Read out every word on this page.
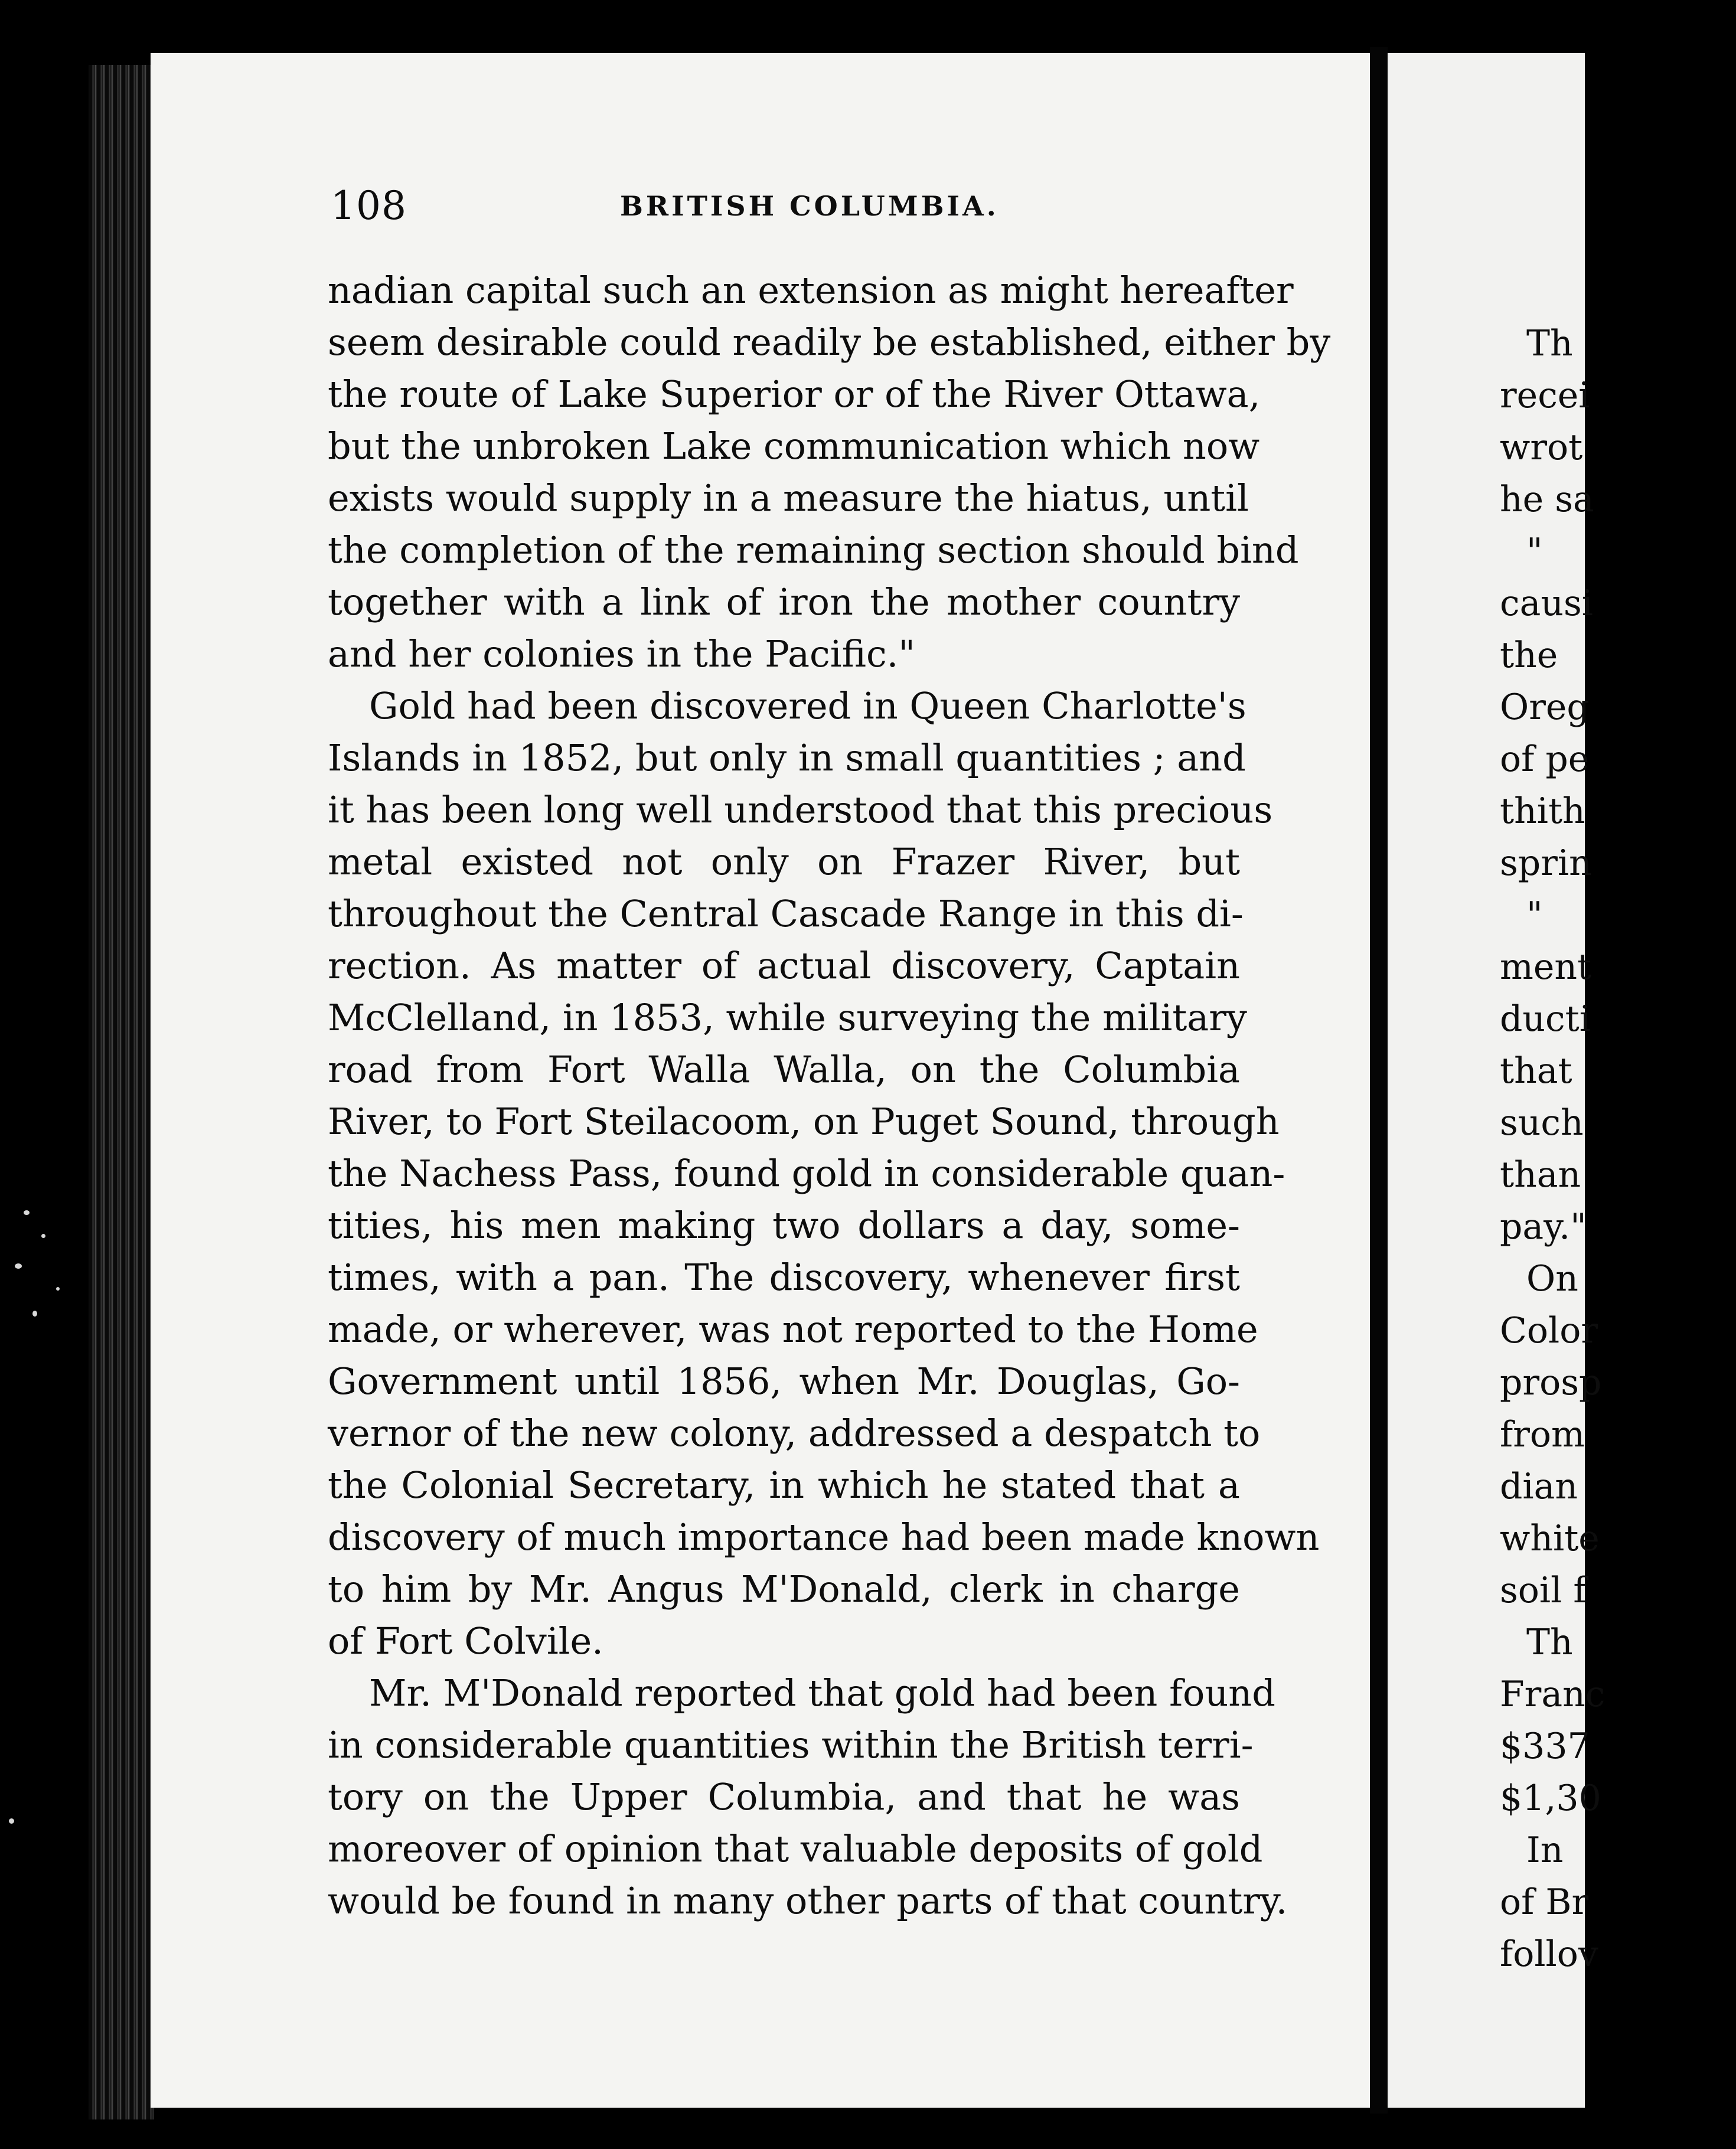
Th
recei
wrot
he sa
"
causi
the
Oreg
of pe
thith
sprin
"
ment
ducti
that
such
than
pay."
On
Color
prosp
from
dian
white
soil f
Th
Franc
$337
$1,30
In
of Br
follov
108	BRITISH COLUMBIA.
nadian capital such an extension as might hereafter
seem desirable could readily be established, either by
the route of Lake Superior or of the River Ottawa,
but the unbroken Lake communication which now
exists would supply in a measure the hiatus, until
the completion of the remaining section should bind
together with a link of iron the mother country
and her colonies in the Pacific."
Gold had been discovered in Queen Charlotte's
Islands in 1852, but only in small quantities ; and
it has been long well understood that this precious
metal existed not only on Frazer River, but
throughout the Central Cascade Range in this di-
rection. As matter of actual discovery, Captain
McClelland, in 1853, while surveying the military
road from Fort Walla Walla, on the Columbia
River, to Fort Steilacoom, on Puget Sound, through
the Nachess Pass, found gold in considerable quan-
tities, his men making two dollars a day, some-
times, with a pan. The discovery, whenever first
made, or wherever, was not reported to the Home
Government until 1856, when Mr. Douglas, Go-
vernor of the new colony, addressed a despatch to
the Colonial Secretary, in which he stated that a
discovery of much importance had been made known
to him by Mr. Angus M'Donald, clerk in charge
of Fort Colvile.
Mr. M'Donald reported that gold had been found
in considerable quantities within the British terri-
tory on the Upper Columbia, and that he was
moreover of opinion that valuable deposits of gold
would be found in many other parts of that country.
